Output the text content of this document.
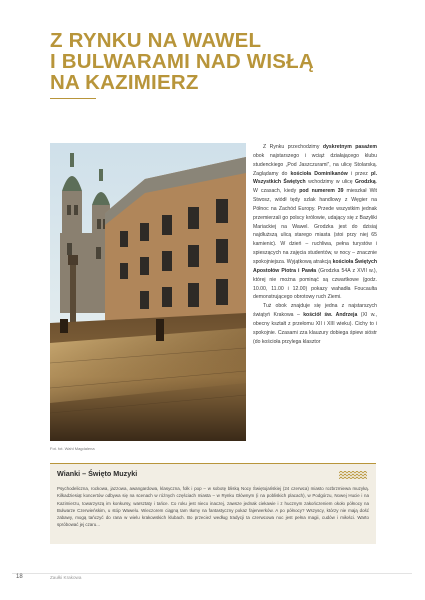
Z RYNKU NA WAWEL
I BULWARAMI NAD WISŁĄ
NA KAZIMIERZ
Fot. fot. Wahl Magdalena

Z Rynku przechodzimy dyskretnym pasażem obok najstarszego i wciąż działającego klubu studenckiego „Pod Jaszczurami”, na ulicę Stolarską. Zaglądamy do kościoła Dominikanów i przez pl. Wszystkich Świętych wchodzimy w ulicę Grodzką. W czasach, kiedy pod numerem 39 mieszkał Wit Stwosz, wiódł tędy szlak handlowy z Węgier na Północ na Zachód Europy. Przede wszystkim jednak przemierzali go polscy królowie, udający się z Bazyliki Mariackiej na Wawel. Grodzka jest do dzisiaj najdłuższą ulicą starego miasta (stoi przy niej 65 kamienic). W dzień – ruchliwa, pełna turystów i spieszących na zajęcia studentów, w nocy – znacznie spokojniejsza. Wyjątkową atrakcją kościoła Świętych Apostołów Piotra i Pawła (Grodzka 54A z XVII w.), której nie można pominąć są czwartkowe (godz. 10.00, 11.00 i 12.00) pokazy wahadła Foucaulta demonstrującego obrotowy ruch Ziemi.

Tuż obok znajduje się jedna z najstarszych świątyń Krakowa – kościół św. Andrzeja (XI w., obecny kształt z przełomu XII i XIII wieku). Cichy to i spokojnie. Czasami zza klauzury dobiega śpiew sióstr (do kościoła przylega klasztor

Wianki – Święto Muzyki

Psychodeliczna, rockowa, jazzowa, awangardowa, klasyczna, folk i pop – w sobotę bliską Nocy Świętojańskiej (24 czerwca) miasto rozbrzmiewa muzyką. Kilkadziesiąt koncertów odbywa się na scenach w różnych częściach miasta – w Rynku Głównym (i na pobliskich placach), w Podgórzu, Nowej Hucie i na Kazimierzu, towarzyszą im konkursy, warsztaty i tańce. Co roku jest nieco inaczej, zawsze jednak ciekawie i z hucznym zakończeniem około północy na Bulwarze Czerwieńskim, u stóp Wawelu. Wieczorem ciągną tam tłumy na fantastyczny pokaz fajerwerków. A po północy? Wszyscy, którzy nie mają dość zabawy, mogą tańczyć do rana w wielu krakowskich klubach. Bo przecież według tradycji ta czerwcowa noc jest pełna magii, cudów i miłości. Warto spróbować jej czaru...

18	Zaułki Krakowa
